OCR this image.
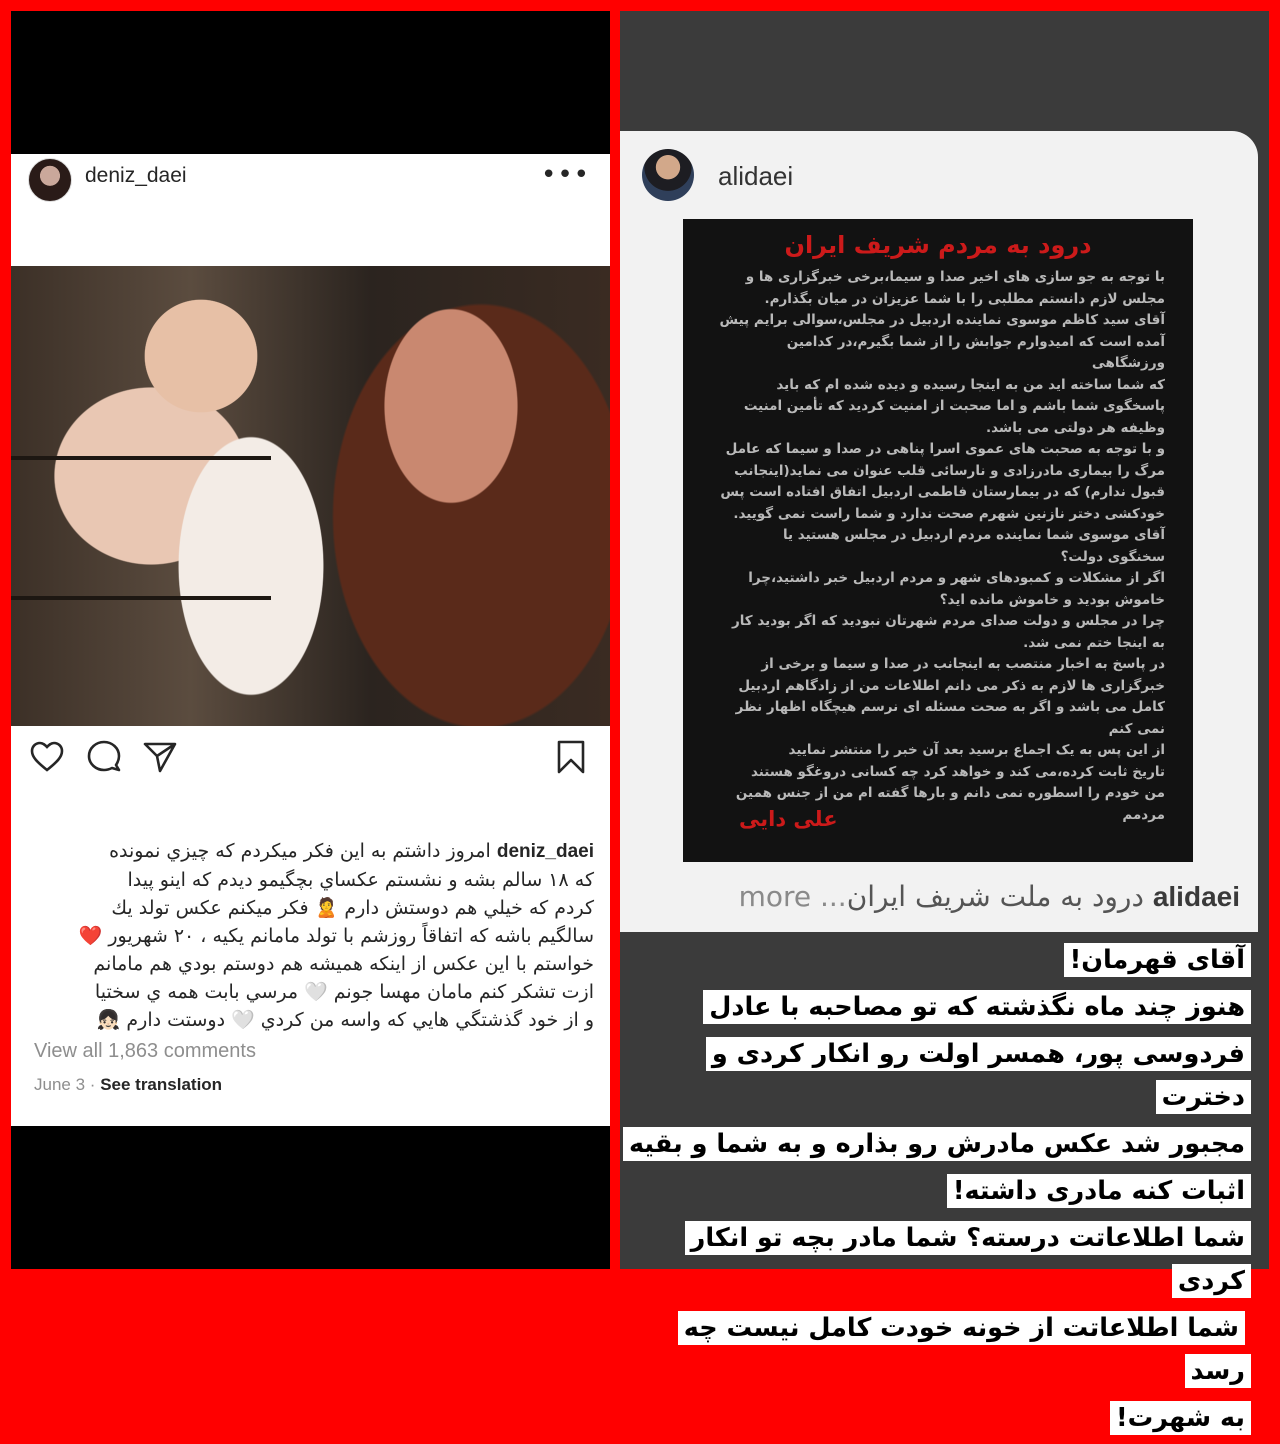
deniz_daei	•••
deniz_daei امروز داشتم به این فکر میکردم که چیزي نمونده
که ۱۸ سالم بشه و نشستم عکساي بچگیمو دیدم که اینو پیدا
کردم که خیلي هم دوستش دارم 🙎 فکر میکنم عکس تولد یك
سالگیم باشه که اتفاقاً روزشم با تولد مامانم یکیه ، ۲۰ شهریور ❤️
خواستم با این عکس از اینکه همیشه هم دوستم بودي هم مامانم
ازت تشکر کنم مامان مهسا جونم 🤍 مرسي بابت همه ي سختیا
و از خود گذشتگي هایي که واسه من کردي 🤍 دوستت دارم 👧🏻
View all 1,863 comments
June 3 · See translation
alidaei
درود به مردم شریف ایران
با توجه به جو سازی های اخیر صدا و سیما،برخی خبرگزاری ها و
مجلس لازم دانستم مطلبی را با شما عزیزان در میان بگذارم.
آقای سید کاظم موسوی نماینده اردبیل در مجلس،سوالی برایم پیش
آمده است که امیدوارم جوابش را از شما بگیرم،در کدامین ورزشگاهی
که شما ساخته اید من به اینجا رسیده و دیده شده ام که باید
پاسخگوی شما باشم و اما صحبت از امنیت کردید که تأمین امنیت
وظیفه هر دولتی می باشد.
و با توجه به صحبت های عموی اسرا پناهی در صدا و سیما که عامل
مرگ را بیماری مادرزادی و نارسائی قلب عنوان می نماید(اینجانب
قبول ندارم) که در بیمارستان فاطمی اردبیل اتفاق افتاده است پس
خودکشی دختر نازنین شهرم صحت ندارد و شما راست نمی گویید.
آقای موسوی شما نماینده مردم اردبیل در مجلس هستید یا
سخنگوی دولت؟
اگر از مشکلات و کمبودهای شهر و مردم اردبیل خبر داشتید،چرا
خاموش بودید و خاموش مانده اید؟
چرا در مجلس و دولت صدای مردم شهرتان نبودید که اگر بودید کار
به اینجا ختم نمی شد.
در پاسخ به اخبار منتصب به اینجانب در صدا و سیما و برخی از
خبرگزاری ها لازم به ذکر می دانم اطلاعات من از زادگاهم اردبیل
کامل می باشد و اگر به صحت مسئله ای نرسم هیچگاه اظهار نظر
نمی کنم
از این پس به یک اجماع برسید بعد آن خبر را منتشر نمایید
تاریخ ثابت کرده،می کند و خواهد کرد چه کسانی دروغگو هستند
من خودم را اسطوره نمی دانم و بارها گفته ام من از جنس همین
مردمم
علی دایی
alidaei درود به ملت شریف ایران... more
آقای قهرمان!
هنوز چند ماه نگذشته که تو مصاحبه با عادل
فردوسی پور، همسر اولت رو انکار کردی و دخترت
مجبور شد عکس مادرش رو بذاره و به شما و بقیه
اثبات کنه مادری داشته!
شما اطلاعاتت درسته؟ شما مادر بچه تو انکار کردی
شما اطلاعاتت از خونه خودت کامل نیست چه رسد
به شهرت!
